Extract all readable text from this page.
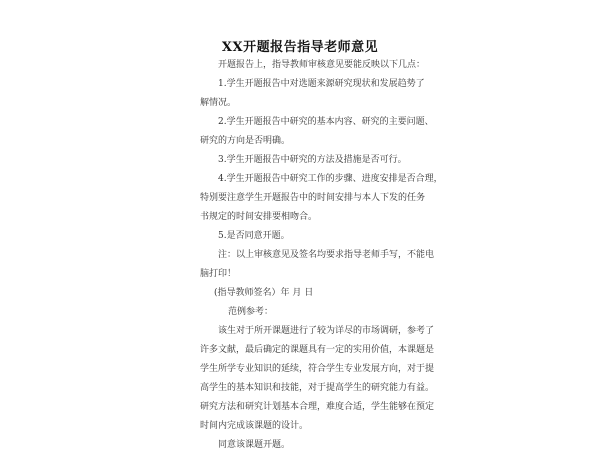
XX开题报告指导老师意见
开题报告上，指导教师审核意见要能反映以下几点：
1.学生开题报告中对选题来源研究现状和发展趋势了
解情况。
2.学生开题报告中研究的基本内容、研究的主要问题、
研究的方向是否明确。
3.学生开题报告中研究的方法及措施是否可行。
4.学生开题报告中研究工作的步骤、进度安排是否合理，
特别要注意学生开题报告中的时间安排与本人下发的任务
书规定的时间安排要相吻合。
5.是否同意开题。
注：以上审核意见及签名均要求指导老师手写，不能电
脑打印！
(指导教师签名）年 月 日
范例参考：
该生对于所开课题进行了较为详尽的市场调研，参考了
许多文献，最后确定的课题具有一定的实用价值，本课题是
学生所学专业知识的延续，符合学生专业发展方向，对于提
高学生的基本知识和技能，对于提高学生的研究能力有益。
研究方法和研究计划基本合理，难度合适，学生能够在预定
时间内完成该课题的设计。
同意该课题开题。
